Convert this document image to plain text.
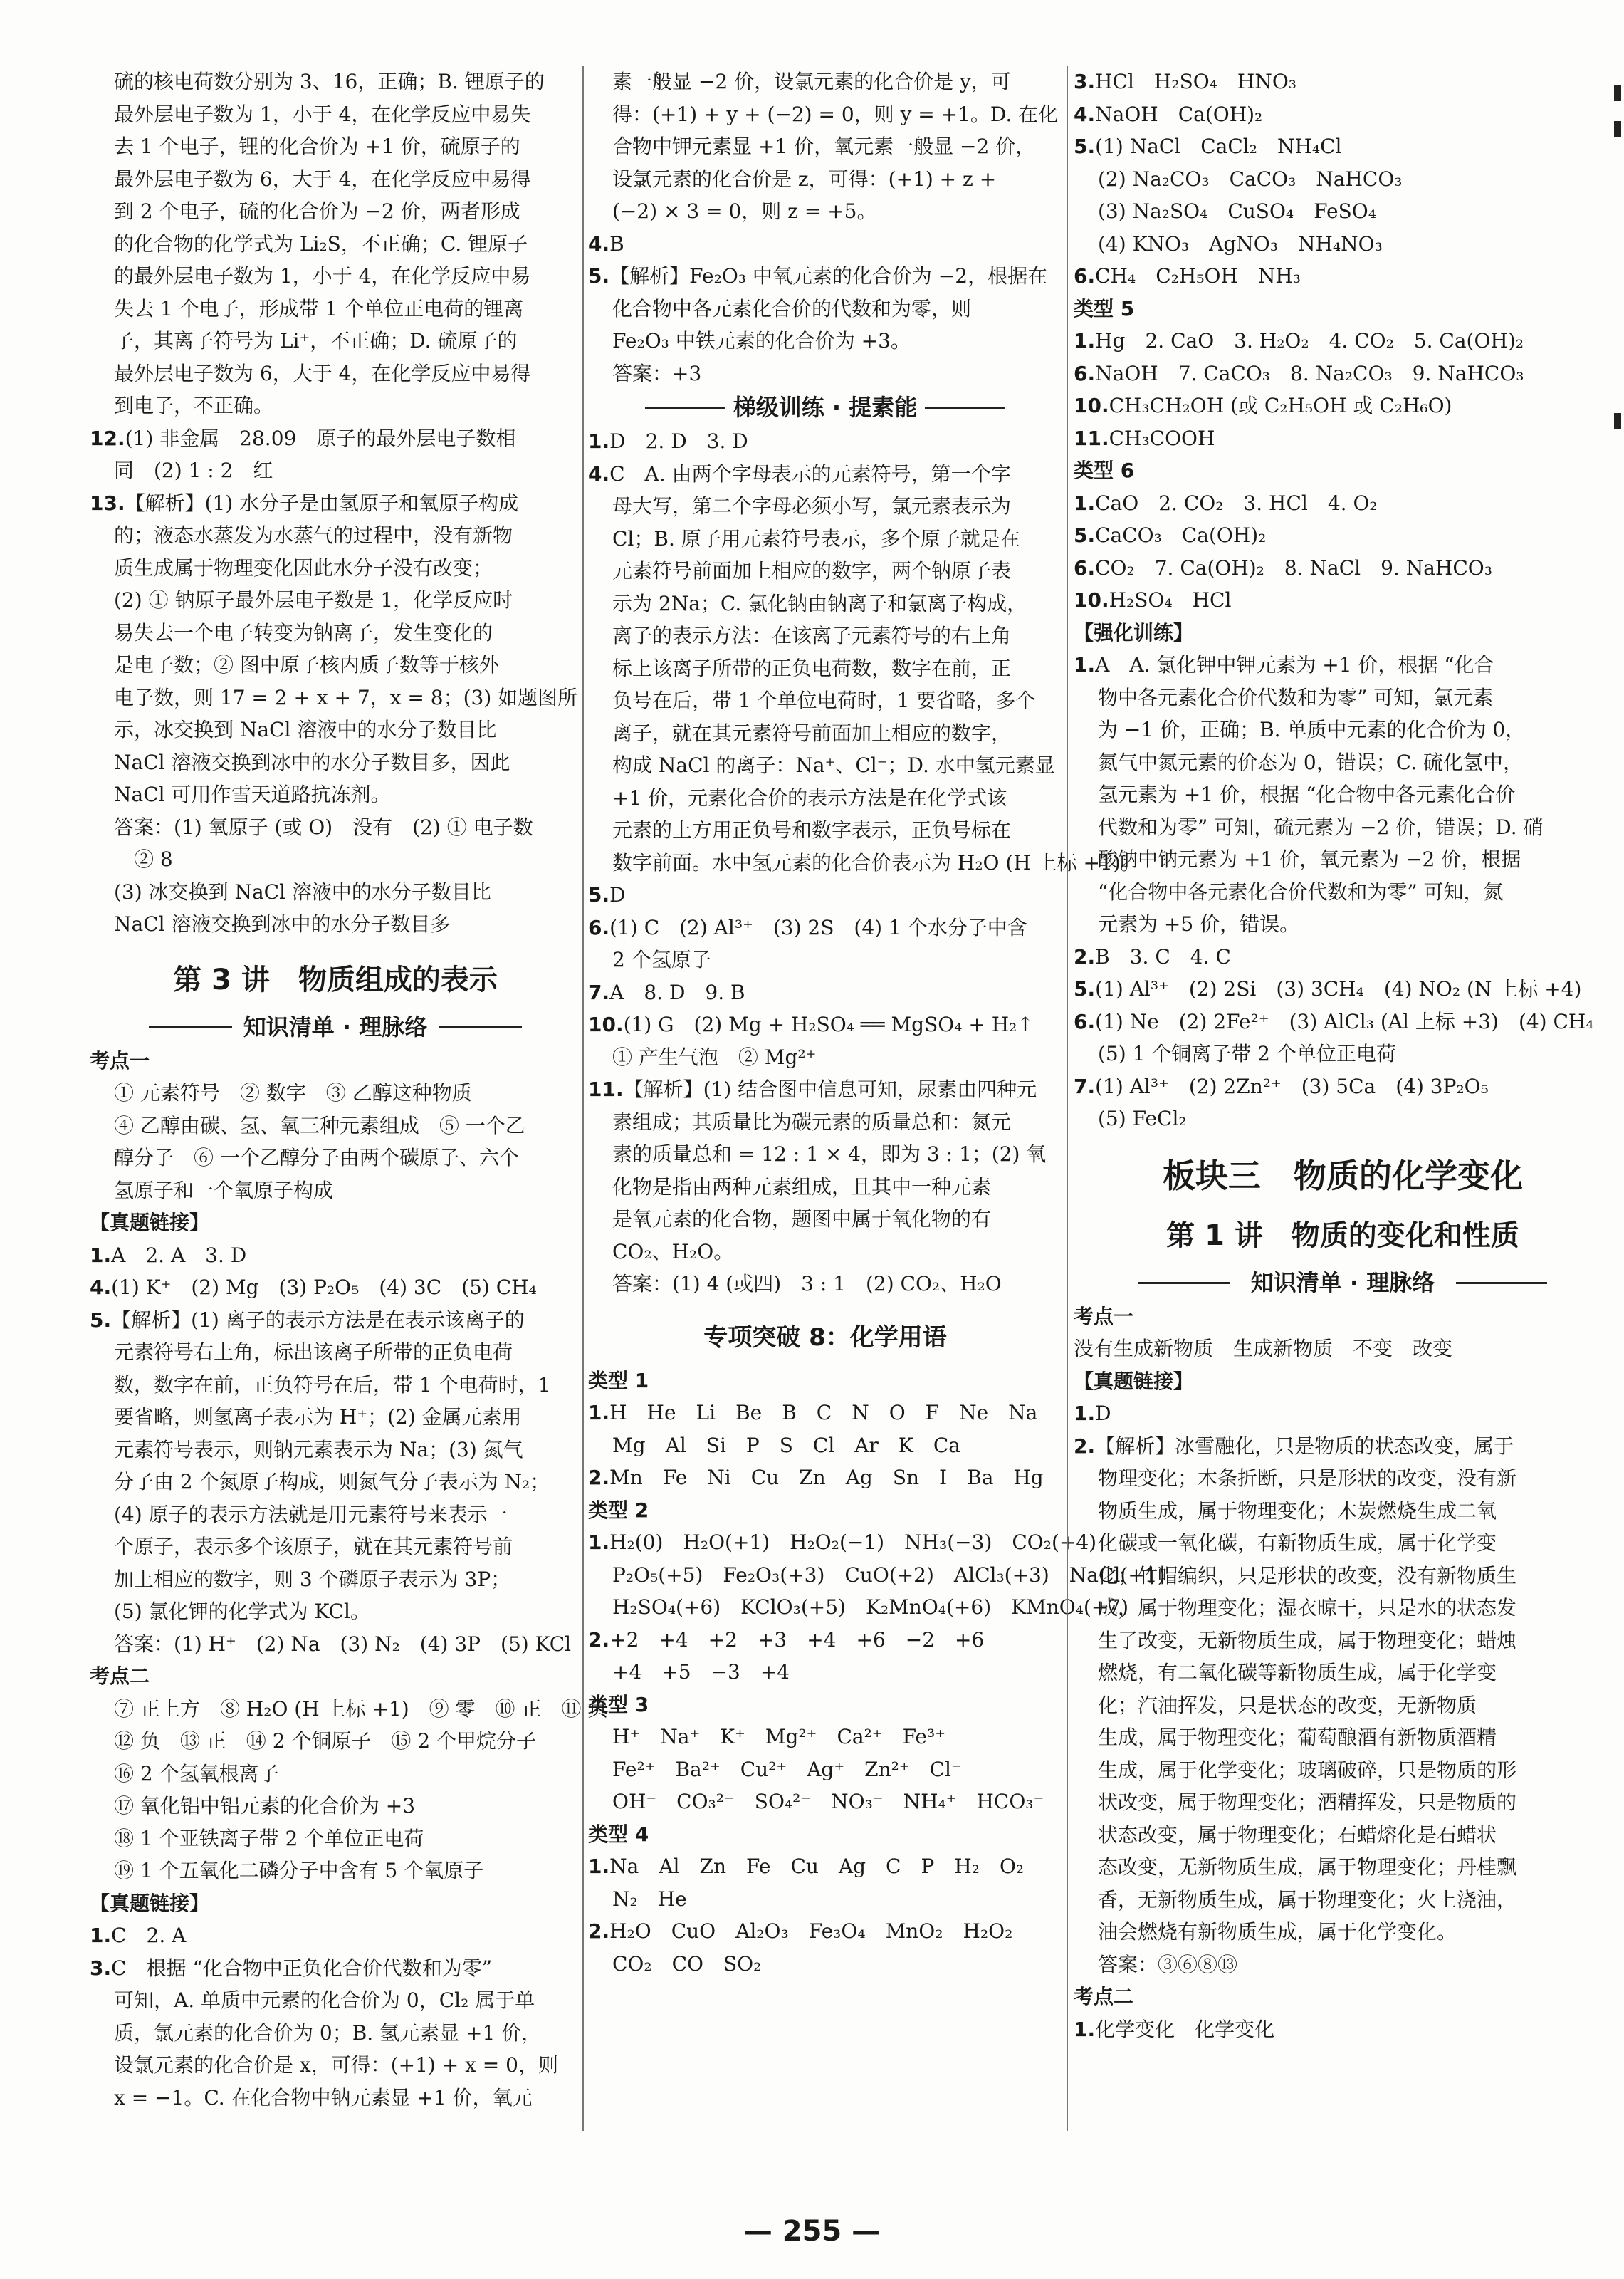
硫的核电荷数分别为 3、16，正确；B. 锂原子的
最外层电子数为 1，小于 4，在化学反应中易失
去 1 个电子，锂的化合价为 +1 价，硫原子的
最外层电子数为 6，大于 4，在化学反应中易得
到 2 个电子，硫的化合价为 −2 价，两者形成
的化合物的化学式为 Li₂S，不正确；C. 锂原子
的最外层电子数为 1，小于 4，在化学反应中易
失去 1 个电子，形成带 1 个单位正电荷的锂离
子，其离子符号为 Li⁺，不正确；D. 硫原子的
最外层电子数为 6，大于 4，在化学反应中易得
到电子，不正确。
12.(1) 非金属　28.09　原子的最外层电子数相
同　(2) 1 : 2　红
13.【解析】(1) 水分子是由氢原子和氧原子构成
的；液态水蒸发为水蒸气的过程中，没有新物
质生成属于物理变化因此水分子没有改变；
(2) ① 钠原子最外层电子数是 1，化学反应时
易失去一个电子转变为钠离子，发生变化的
是电子数；② 图中原子核内质子数等于核外
电子数，则 17 = 2 + x + 7，x = 8；(3) 如题图所
示，冰交换到 NaCl 溶液中的水分子数目比
NaCl 溶液交换到冰中的水分子数目多，因此
NaCl 可用作雪天道路抗冻剂。
答案：(1) 氧原子 (或 O)　没有　(2) ① 电子数
　② 8
(3) 冰交换到 NaCl 溶液中的水分子数目比
NaCl 溶液交换到冰中的水分子数目多
第 3 讲　物质组成的表示
知识清单 · 理脉络
考点一
① 元素符号　② 数字　③ 乙醇这种物质
④ 乙醇由碳、氢、氧三种元素组成　⑤ 一个乙
醇分子　⑥ 一个乙醇分子由两个碳原子、六个
氢原子和一个氧原子构成
【真题链接】
1.A　2. A　3. D
4.(1) K⁺　(2) Mg　(3) P₂O₅　(4) 3C　(5) CH₄
5.【解析】(1) 离子的表示方法是在表示该离子的
元素符号右上角，标出该离子所带的正负电荷
数，数字在前，正负符号在后，带 1 个电荷时，1
要省略，则氢离子表示为 H⁺；(2) 金属元素用
元素符号表示，则钠元素表示为 Na；(3) 氮气
分子由 2 个氮原子构成，则氮气分子表示为 N₂；
(4) 原子的表示方法就是用元素符号来表示一
个原子，表示多个该原子，就在其元素符号前
加上相应的数字，则 3 个磷原子表示为 3P；
(5) 氯化钾的化学式为 KCl。
答案：(1) H⁺　(2) Na　(3) N₂　(4) 3P　(5) KCl
考点二
⑦ 正上方　⑧ H₂O (H 上标 +1)　⑨ 零　⑩ 正　⑪ 负
⑫ 负　⑬ 正　⑭ 2 个铜原子　⑮ 2 个甲烷分子
⑯ 2 个氢氧根离子
⑰ 氧化铝中铝元素的化合价为 +3
⑱ 1 个亚铁离子带 2 个单位正电荷
⑲ 1 个五氧化二磷分子中含有 5 个氧原子
【真题链接】
1.C　2. A
3.C　根据 “化合物中正负化合价代数和为零”
可知，A. 单质中元素的化合价为 0，Cl₂ 属于单
质，氯元素的化合价为 0；B. 氢元素显 +1 价，
设氯元素的化合价是 x，可得：(+1) + x = 0，则
x = −1。C. 在化合物中钠元素显 +1 价，氧元
素一般显 −2 价，设氯元素的化合价是 y，可
得：(+1) + y + (−2) = 0，则 y = +1。D. 在化
合物中钾元素显 +1 价，氧元素一般显 −2 价，
设氯元素的化合价是 z，可得：(+1) + z +
(−2) × 3 = 0，则 z = +5。
4.B
5.【解析】Fe₂O₃ 中氧元素的化合价为 −2，根据在
化合物中各元素化合价的代数和为零，则
Fe₂O₃ 中铁元素的化合价为 +3。
答案：+3
梯级训练 · 提素能
1.D　2. D　3. D
4.C　A. 由两个字母表示的元素符号，第一个字
母大写，第二个字母必须小写，氯元素表示为
Cl；B. 原子用元素符号表示，多个原子就是在
元素符号前面加上相应的数字，两个钠原子表
示为 2Na；C. 氯化钠由钠离子和氯离子构成，
离子的表示方法：在该离子元素符号的右上角
标上该离子所带的正负电荷数，数字在前，正
负号在后，带 1 个单位电荷时，1 要省略，多个
离子，就在其元素符号前面加上相应的数字，
构成 NaCl 的离子：Na⁺、Cl⁻；D. 水中氢元素显
+1 价，元素化合价的表示方法是在化学式该
元素的上方用正负号和数字表示，正负号标在
数字前面。水中氢元素的化合价表示为 H₂O (H 上标 +1)。
5.D
6.(1) C　(2) Al³⁺　(3) 2S　(4) 1 个水分子中含
2 个氢原子
7.A　8. D　9. B
10.(1) G　(2) Mg + H₂SO₄ ══ MgSO₄ + H₂↑
① 产生气泡　② Mg²⁺
11.【解析】(1) 结合图中信息可知，尿素由四种元
素组成；其质量比为碳元素的质量总和：氮元
素的质量总和 = 12 : 1 × 4，即为 3 : 1；(2) 氧
化物是指由两种元素组成，且其中一种元素
是氧元素的化合物，题图中属于氧化物的有
CO₂、H₂O。
答案：(1) 4 (或四)　3 : 1　(2) CO₂、H₂O
专项突破 8：化学用语
类型 1
1.H　He　Li　Be　B　C　N　O　F　Ne　Na
Mg　Al　Si　P　S　Cl　Ar　K　Ca
2.Mn　Fe　Ni　Cu　Zn　Ag　Sn　I　Ba　Hg
类型 2
1.H₂(0)　H₂O(+1)　H₂O₂(−1)　NH₃(−3)　CO₂(+4)
P₂O₅(+5)　Fe₂O₃(+3)　CuO(+2)　AlCl₃(+3)　NaCl(+1)
H₂SO₄(+6)　KClO₃(+5)　K₂MnO₄(+6)　KMnO₄(+7)
2.+2　+4　+2　+3　+4　+6　−2　+6
+4　+5　−3　+4
类型 3
H⁺　Na⁺　K⁺　Mg²⁺　Ca²⁺　Fe³⁺
Fe²⁺　Ba²⁺　Cu²⁺　Ag⁺　Zn²⁺　Cl⁻
OH⁻　CO₃²⁻　SO₄²⁻　NO₃⁻　NH₄⁺　HCO₃⁻
类型 4
1.Na　Al　Zn　Fe　Cu　Ag　C　P　H₂　O₂
N₂　He
2.H₂O　CuO　Al₂O₃　Fe₃O₄　MnO₂　H₂O₂
CO₂　CO　SO₂
3.HCl　H₂SO₄　HNO₃
4.NaOH　Ca(OH)₂
5.(1) NaCl　CaCl₂　NH₄Cl
(2) Na₂CO₃　CaCO₃　NaHCO₃
(3) Na₂SO₄　CuSO₄　FeSO₄
(4) KNO₃　AgNO₃　NH₄NO₃
6.CH₄　C₂H₅OH　NH₃
类型 5
1.Hg　2. CaO　3. H₂O₂　4. CO₂　5. Ca(OH)₂
6.NaOH　7. CaCO₃　8. Na₂CO₃　9. NaHCO₃
10.CH₃CH₂OH (或 C₂H₅OH 或 C₂H₆O)
11.CH₃COOH
类型 6
1.CaO　2. CO₂　3. HCl　4. O₂
5.CaCO₃　Ca(OH)₂
6.CO₂　7. Ca(OH)₂　8. NaCl　9. NaHCO₃
10.H₂SO₄　HCl
【强化训练】
1.A　A. 氯化钾中钾元素为 +1 价，根据 “化合
物中各元素化合价代数和为零” 可知，氯元素
为 −1 价，正确；B. 单质中元素的化合价为 0，
氮气中氮元素的价态为 0，错误；C. 硫化氢中，
氢元素为 +1 价，根据 “化合物中各元素化合价
代数和为零” 可知，硫元素为 −2 价，错误；D. 硝
酸钠中钠元素为 +1 价，氧元素为 −2 价，根据
“化合物中各元素化合价代数和为零” 可知，氮
元素为 +5 价，错误。
2.B　3. C　4. C
5.(1) Al³⁺　(2) 2Si　(3) 3CH₄　(4) NO₂ (N 上标 +4)
6.(1) Ne　(2) 2Fe²⁺　(3) AlCl₃ (Al 上标 +3)　(4) CH₄
(5) 1 个铜离子带 2 个单位正电荷
7.(1) Al³⁺　(2) 2Zn²⁺　(3) 5Ca　(4) 3P₂O₅
(5) FeCl₂
板块三　物质的化学变化
第 1 讲　物质的变化和性质
知识清单 · 理脉络
考点一
没有生成新物质　生成新物质　不变　改变
【真题链接】
1.D
2.【解析】冰雪融化，只是物质的状态改变，属于
物理变化；木条折断，只是形状的改变，没有新
物质生成，属于物理变化；木炭燃烧生成二氧
化碳或一氧化碳，有新物质生成，属于化学变
化；竹帽编织，只是形状的改变，没有新物质生
成，属于物理变化；湿衣晾干，只是水的状态发
生了改变，无新物质生成，属于物理变化；蜡烛
燃烧，有二氧化碳等新物质生成，属于化学变
化；汽油挥发，只是状态的改变，无新物质
生成，属于物理变化；葡萄酿酒有新物质酒精
生成，属于化学变化；玻璃破碎，只是物质的形
状改变，属于物理变化；酒精挥发，只是物质的
状态改变，属于物理变化；石蜡熔化是石蜡状
态改变，无新物质生成，属于物理变化；丹桂飘
香，无新物质生成，属于物理变化；火上浇油，
油会燃烧有新物质生成，属于化学变化。
答案：③⑥⑧⑬
考点二
1.化学变化　化学变化
— 255 —
